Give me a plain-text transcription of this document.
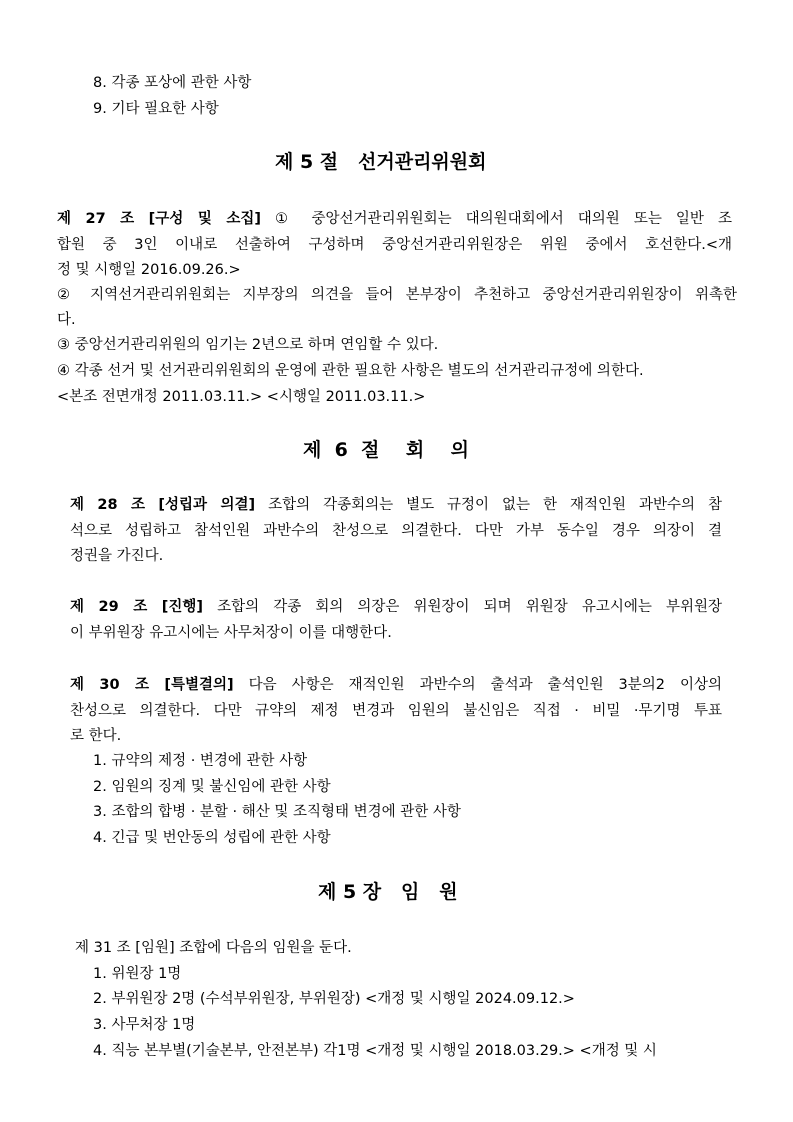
8. 각종 포상에 관한 사항
9. 기타 필요한 사항
제 5 절   선거관리위원회
제 27 조 [구성 및 소집] ① 중앙선거관리위원회는 대의원대회에서 대의원 또는 일반 조
합원 중 3인 이내로 선출하여 구성하며 중앙선거관리위원장은 위원 중에서 호선한다.<개
정 및 시행일 2016.09.26.>
② 지역선거관리위원회는 지부장의 의견을 들어 본부장이 추천하고 중앙선거관리위원장이 위촉한
다.
③ 중앙선거관리위원의 임기는 2년으로 하며 연임할 수 있다.
④ 각종 선거 및 선거관리위원회의 운영에 관한 필요한 사항은 별도의 선거관리규정에 의한다.
<본조 전면개정 2011.03.11.> <시행일 2011.03.11.>
제  6  절    회    의
제 28 조 [성립과 의결] 조합의 각종회의는 별도 규정이 없는 한 재적인원 과반수의 참
석으로 성립하고 참석인원 과반수의 찬성으로 의결한다. 다만 가부 동수일 경우 의장이 결
정권을 가진다.
제 29 조 [진행] 조합의 각종 회의 의장은 위원장이 되며 위원장 유고시에는 부위원장
이 부위원장 유고시에는 사무처장이 이를 대행한다.
제 30 조 [특별결의] 다음 사항은 재적인원 과반수의 출석과 출석인원 3분의2 이상의
찬성으로 의결한다. 다만 규약의 제정 변경과 임원의 불신임은 직접 · 비밀 ·무기명 투표
로 한다.
1. 규약의 제정 · 변경에 관한 사항
2. 임원의 징계 및 불신임에 관한 사항
3. 조합의 합병 · 분할 · 해산 및 조직형태 변경에 관한 사항
4. 긴급 및 번안동의 성립에 관한 사항
제 5 장   임   원
제 31 조 [임원] 조합에 다음의 임원을 둔다.
1. 위원장 1명
2. 부위원장 2명 (수석부위원장, 부위원장) <개정 및 시행일 2024.09.12.>
3. 사무처장 1명
4. 직능 본부별(기술본부, 안전본부) 각1명 <개정 및 시행일 2018.03.29.> <개정 및 시
